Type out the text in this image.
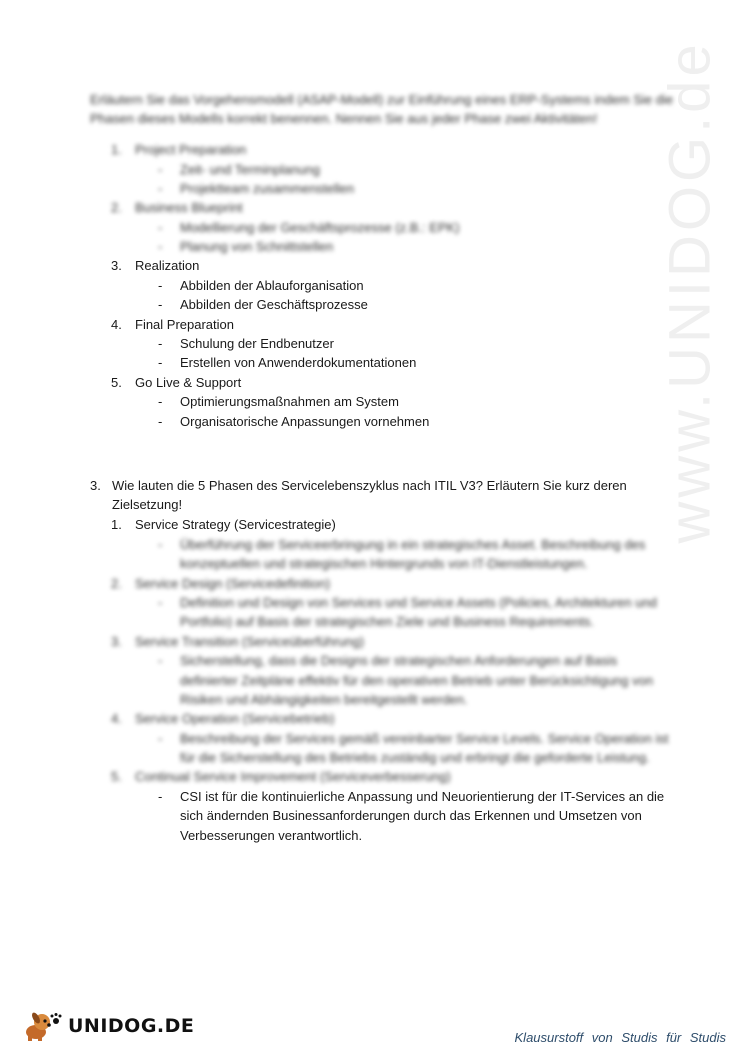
www.UNIDOG.de
Erläutern Sie das Vorgehensmodell (ASAP-Modell) zur Einführung eines ERP-Systems indem Sie die
Phasen dieses Modells korrekt benennen. Nennen Sie aus jeder Phase zwei Aktivitäten!
1. Project Preparation
- Zeit- und Terminplanung
- Projektteam zusammenstellen
2. Business Blueprint
- Modellierung der Geschäftsprozesse (z.B.: EPK)
- Planung von Schnittstellen
3. Realization
- Abbilden der Ablauforganisation
- Abbilden der Geschäftsprozesse
4. Final Preparation
- Schulung der Endbenutzer
- Erstellen von Anwenderdokumentationen
5. Go Live & Support
- Optimierungsmaßnahmen am System
- Organisatorische Anpassungen vornehmen
3. Wie lauten die 5 Phasen des Servicelebenszyklus nach ITIL V3? Erläutern Sie kurz deren
Zielsetzung!
1. Service Strategy (Servicestrategie)
- Überführung der Serviceerbringung in ein strategisches Asset. Beschreibung des
konzeptuellen und strategischen Hintergrunds von IT-Dienstleistungen.
2. Service Design (Servicedefinition)
- Definition und Design von Services und Service Assets (Policies, Architekturen und
Portfolio) auf Basis der strategischen Ziele und Business Requirements.
3. Service Transition (Serviceüberführung)
- Sicherstellung, dass die Designs der strategischen Anforderungen auf Basis
definierter Zeitpläne effektiv für den operativen Betrieb unter Berücksichtigung von
Risiken und Abhängigkeiten bereitgestellt werden.
4. Service Operation (Servicebetrieb)
- Beschreibung der Services gemäß vereinbarter Service Levels. Service Operation ist
für die Sicherstellung des Betriebs zuständig und erbringt die geforderte Leistung.
5. Continual Service Improvement (Serviceverbesserung)
- CSI ist für die kontinuierliche Anpassung und Neuorientierung der IT-Services an die
sich ändernden Businessanforderungen durch das Erkennen und Umsetzen von
Verbesserungen verantwortlich.
UNIDOG.DE
Klausurstoff von Studis für Studis
